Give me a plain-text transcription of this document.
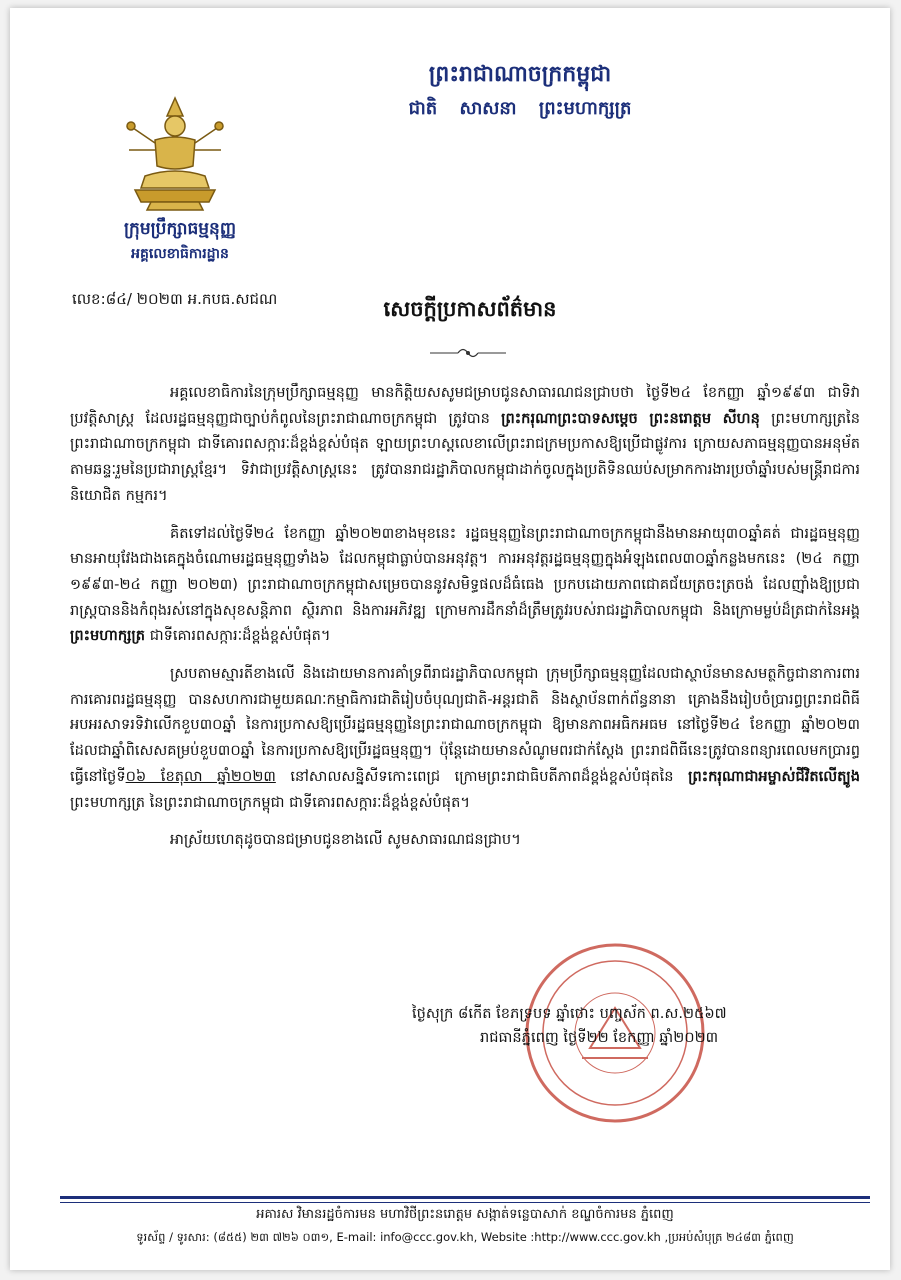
ក្រុមប្រឹក្សាធម្មនុញ្ញ
អគ្គលេខាធិការដ្ឋាន
លេខ:៨៤/ ២០២៣ អ.កបធ.សជណ
ព្រះរាជាណាចក្រកម្ពុជា
ជាតិ សាសនា ព្រះមហាក្សត្រ
សេចក្តីប្រកាសព័ត៌មាន

អគ្គលេខាធិការនៃក្រុមប្រឹក្សាធម្មនុញ្ញ មានកិត្តិយសសូមជម្រាបជូនសាធារណជនជ្រាបថា ថ្ងៃទី២៤ ខែកញ្ញា ឆ្នាំ១៩៩៣ ជាទិវាប្រវត្តិសាស្ត្រ ដែលរដ្ឋធម្មនុញ្ញជាច្បាប់កំពូលនៃព្រះរាជាណាចក្រកម្ពុជា ត្រូវបាន ព្រះករុណាព្រះបាទសម្តេច ព្រះនរោត្តម សីហនុ ព្រះមហាក្សត្រនៃព្រះរាជាណាចក្រកម្ពុជា ជាទីគោរពសក្ការៈដ៏ខ្ពង់ខ្ពស់បំផុត ឡាយព្រះហស្តលេខាលើព្រះរាជក្រមប្រកាសឱ្យប្រើជាផ្លូវការ ក្រោយសភាធម្មនុញ្ញបានអនុម័តតាមឆន្ទៈរួមនៃប្រជារាស្ត្រខ្មែរ។ ទិវាជាប្រវត្តិសាស្ត្រនេះ ត្រូវបានរាជរដ្ឋាភិបាលកម្ពុជាដាក់ចូលក្នុងប្រតិទិនឈប់សម្រាកការងារប្រចាំឆ្នាំរបស់មន្ត្រីរាជការ និយោជិត កម្មករ។

គិតទៅដល់ថ្ងៃទី២៤ ខែកញ្ញា ឆ្នាំ២០២៣ខាងមុខនេះ រដ្ឋធម្មនុញ្ញនៃព្រះរាជាណាចក្រកម្ពុជានឹងមានអាយុ៣០ឆ្នាំគត់ ជារដ្ឋធម្មនុញ្ញមានអាយុវែងជាងគេក្នុងចំណោមរដ្ឋធម្មនុញ្ញទាំង៦ ដែលកម្ពុជាធ្លាប់បានអនុវត្ត។ ការអនុវត្តរដ្ឋធម្មនុញ្ញក្នុងអំឡុងពេល៣០ឆ្នាំកន្លងមកនេះ (២៤ កញ្ញា ១៩៩៣-២៤ កញ្ញា ២០២៣) ព្រះរាជាណាចក្រកម្ពុជាសម្រេចបាននូវសមិទ្ធផលដ៏ធំធេង ប្រកបដោយភាពជោគជ័យត្រចះត្រចង់ ដែលញ៉ាំងឱ្យប្រជារាស្ត្របាននិងកំពុងរស់នៅក្នុងសុខសន្តិភាព ស្ថិរភាព និងការអភិវឌ្ឍ ក្រោមការដឹកនាំដ៏ត្រឹមត្រូវរបស់រាជរដ្ឋាភិបាលកម្ពុជា និងក្រោមម្លប់ដ៏ត្រជាក់នៃអង្គ ព្រះមហាក្សត្រ ជាទីគោរពសក្ការៈដ៏ខ្ពង់ខ្ពស់បំផុត។

ស្របតាមស្មារតីខាងលើ និងដោយមានការគាំទ្រពីរាជរដ្ឋាភិបាលកម្ពុជា ក្រុមប្រឹក្សាធម្មនុញ្ញដែលជាស្ថាប័នមានសមត្ថកិច្ចជានាការពារការគោរពរដ្ឋធម្មនុញ្ញ បានសហការជាមួយគណៈកម្មាធិការជាតិរៀបចំបុណ្យជាតិ-អន្តរជាតិ និងស្ថាប័នពាក់ព័ន្ធនានា គ្រោងនឹងរៀបចំប្រារព្ធព្រះរាជពិធីអបអរសាទរទិវាលើកខួប៣០ឆ្នាំ នៃការប្រកាសឱ្យប្រើរដ្ឋធម្មនុញ្ញនៃព្រះរាជាណាចក្រកម្ពុជា ឱ្យមានភាពអធិកអធម នៅថ្ងៃទី២៤ ខែកញ្ញា ឆ្នាំ២០២៣ ដែលជាឆ្នាំពិសេសគម្រប់ខួប៣០ឆ្នាំ នៃការប្រកាសឱ្យប្រើរដ្ឋធម្មនុញ្ញ។ ប៉ុន្តែដោយមានសំណូមពរជាក់ស្តែង ព្រះរាជពិធីនេះត្រូវបានពន្យារពេលមកប្រារព្ធធ្វើនៅថ្ងៃទី០៦ ខែតុលា ឆ្នាំ២០២៣ នៅសាលសន្និសីទកោះពេជ្រ ក្រោមព្រះរាជាធិបតីភាពដ៏ខ្ពង់ខ្ពស់បំផុតនៃ ព្រះករុណាជាអម្ចាស់ជីវិតលើត្បូង ព្រះមហាក្សត្រ នៃព្រះរាជាណាចក្រកម្ពុជា ជាទីគោរពសក្ការៈដ៏ខ្ពង់ខ្ពស់បំផុត។

អាស្រ័យហេតុដូចបានជម្រាបជូនខាងលើ សូមសាធារណជនជ្រាប។

ថ្ងៃសុក្រ ៨កើត ខែភទ្របទ ឆ្នាំថោះ បញ្ចស័ក ព.ស.២៥៦៧
រាជធានីភ្នំពេញ ថ្ងៃទី២២ ខែកញ្ញា ឆ្នាំ២០២៣
អគារស វិមានរដ្ឋចំការមន មហាវិថីព្រះនរោត្តម សង្កាត់ទន្លេបាសាក់ ខណ្ឌចំការមន ភ្នំពេញ
ទូរស័ព្ទ / ទូរសារ: (៨៥៥) ២៣ ៧២៦ ០៣១, E-mail: info@ccc.gov.kh, Website :http://www.ccc.gov.kh ,ប្រអប់សំបុត្រ ២៤៨៣ ភ្នំពេញ
